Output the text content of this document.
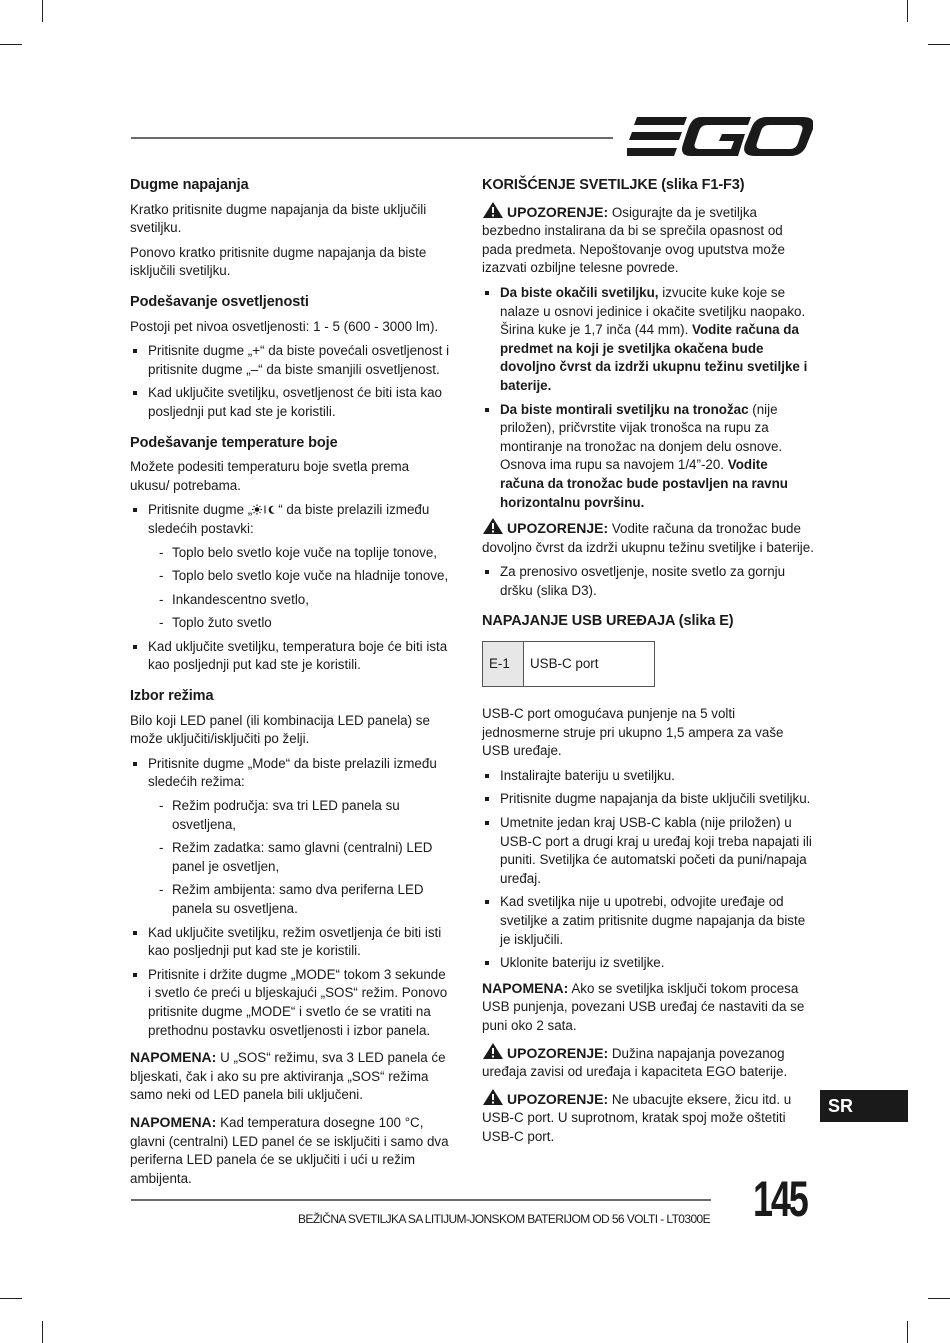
Dugme napajanja

Kratko pritisnite dugme napajanja da biste uključili svetiljku.

Ponovo kratko pritisnite dugme napajanja da biste isključili svetiljku.

Podešavanje osvetljenosti

Postoji pet nivoa osvetljenosti: 1 - 5 (600 - 3000 lm).

Pritisnite dugme „+“ da biste povećali osvetljenost i pritisnite dugme „–“ da biste smanjili osvetljenost.
Kad uključite svetiljku, osvetljenost će biti ista kao posljednji put kad ste je koristili.
Podešavanje temperature boje

Možete podesiti temperaturu boje svetla prema ukusu/ potrebama.

Pritisnite dugme „ “ da biste prelazili između sledećih postavki:
- Toplo belo svetlo koje vuče na toplije tonove,
- Toplo belo svetlo koje vuče na hladnije tonove,
- Inkandescentno svetlo,
- Toplo žuto svetlo
Kad uključite svetiljku, temperatura boje će biti ista kao posljednji put kad ste je koristili.
Izbor režima

Bilo koji LED panel (ili kombinacija LED panela) se može uključiti/isključiti po želji.

Pritisnite dugme „Mode“ da biste prelazili između sledećih režima:
- Režim područja: sva tri LED panela su osvetljena,
- Režim zadatka: samo glavni (centralni) LED panel je osvetljen,
- Režim ambijenta: samo dva periferna LED panela su osvetljena.
Kad uključite svetiljku, režim osvetljenja će biti isti kao posljednji put kad ste je koristili.
Pritisnite i držite dugme „MODE“ tokom 3 sekunde i svetlo će preći u bljeskajući „SOS“ režim. Ponovo pritisnite dugme „MODE“ i svetlo će se vratiti na prethodnu postavku osvetljenosti i izbor panela.

NAPOMENA: U „SOS“ režimu, sva 3 LED panela će bljeskati, čak i ako su pre aktiviranja „SOS“ režima samo neki od LED panela bili uključeni.

NAPOMENA: Kad temperatura dosegne 100 °C, glavni (centralni) LED panel će se isključiti i samo dva periferna LED panela će se uključiti i ući u režim ambijenta.

KORIŠĆENJE SVETILJKE (slika F1-F3)

UPOZORENJE: Osigurajte da je svetiljka bezbedno instalirana da bi se sprečila opasnost od pada predmeta. Nepoštovanje ovog uputstva može izazvati ozbiljne telesne povrede.

Da biste okačili svetiljku, izvucite kuke koje se nalaze u osnovi jedinice i okačite svetiljku naopako. Širina kuke je 1,7 inča (44 mm). Vodite računa da predmet na koji je svetiljka okačena bude dovoljno čvrst da izdrži ukupnu težinu svetiljke i baterije.
Da biste montirali svetiljku na tronožac (nije priložen), pričvrstite vijak tronošca na rupu za montiranje na tronožac na donjem delu osnove. Osnova ima rupu sa navojem 1/4”-20. Vodite računa da tronožac bude postavljen na ravnu horizontalnu površinu.

UPOZORENJE: Vodite računa da tronožac bude dovoljno čvrst da izdrži ukupnu težinu svetiljke i baterije.

Za prenosivo osvetljenje, nosite svetlo za gornju dršku (slika D3).
NAPAJANJE USB UREĐAJA (slika E)
E-1	USB-C port

USB-C port omogućava punjenje na 5 volti jednosmerne struje pri ukupno 1,5 ampera za vaše USB uređaje.

Instalirajte bateriju u svetiljku.
Pritisnite dugme napajanja da biste uključili svetiljku.
Umetnite jedan kraj USB-C kabla (nije priložen) u USB-C port a drugi kraj u uređaj koji treba napajati ili puniti. Svetiljka će automatski početi da puni/napaja uređaj.
Kad svetiljka nije u upotrebi, odvojite uređaje od svetiljke a zatim pritisnite dugme napajanja da biste je isključili.
Uklonite bateriju iz svetiljke.

NAPOMENA: Ako se svetiljka isključi tokom procesa USB punjenja, povezani USB uređaj će nastaviti da se puni oko 2 sata.

UPOZORENJE: Dužina napajanja povezanog uređaja zavisi od uređaja i kapaciteta EGO baterije.

UPOZORENJE: Ne ubacujte eksere, žicu itd. u USB-C port. U suprotnom, kratak spoj može oštetiti USB-C port.

SR
BEŽIČNA SVETILJKA SA LITIJUM-JONSKOM BATERIJOM OD 56 VOLTI - LT0300E 145
